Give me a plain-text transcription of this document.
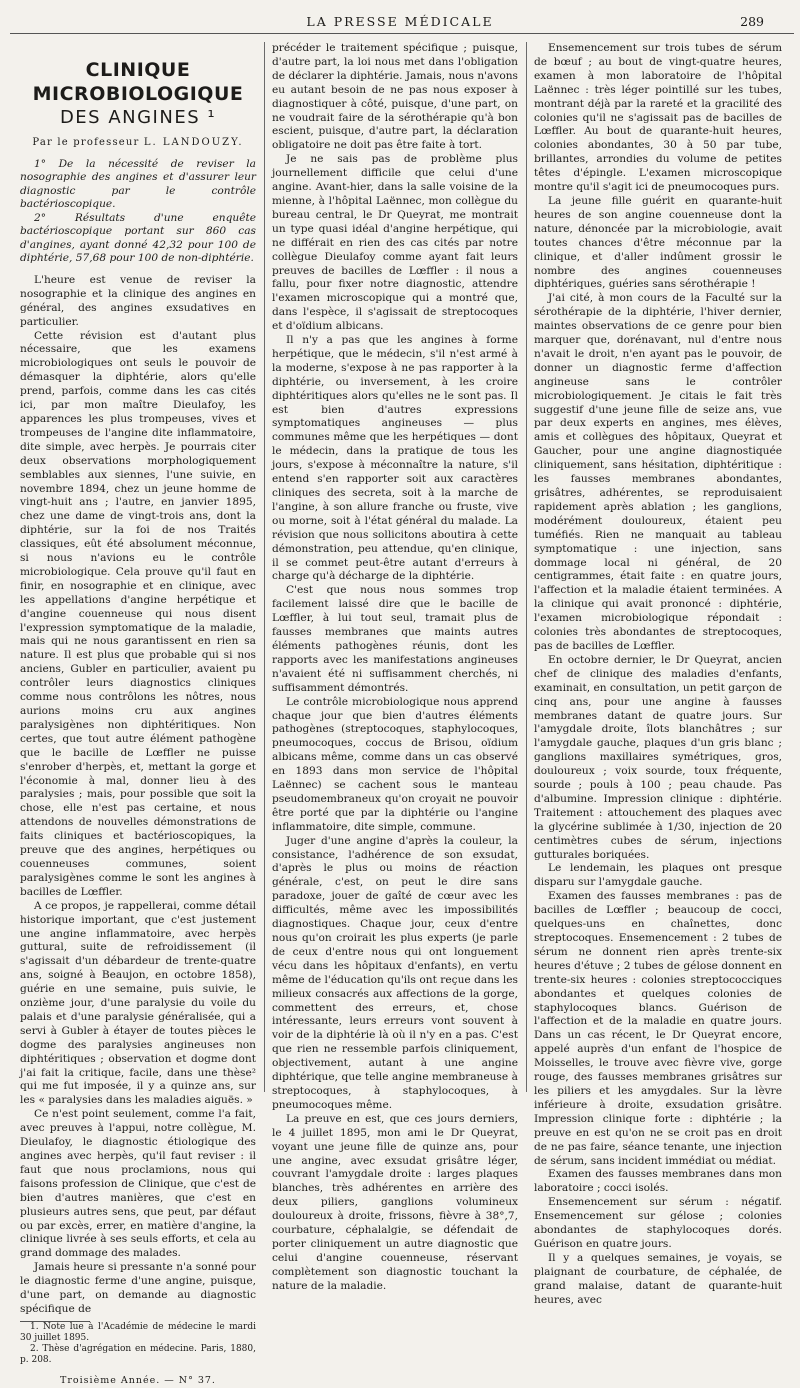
LA PRESSE MÉDICALE	289
CLINIQUE MICROBIOLOGIQUE
DES ANGINES ¹
Par le professeur L. LANDOUZY.

1° De la nécessité de reviser la nosographie des angines et d'assurer leur diagnostic par le contrôle bactérioscopique.

2° Résultats d'une enquête bactérioscopique portant sur 860 cas d'angines, ayant donné 42,32 pour 100 de diphtérie, 57,68 pour 100 de non-diphtérie.

L'heure est venue de reviser la nosographie et la clinique des angines en général, des angines exsudatives en particulier.

Cette révision est d'autant plus nécessaire, que les examens microbiologiques ont seuls le pouvoir de démasquer la diphtérie, alors qu'elle prend, parfois, comme dans les cas cités ici, par mon maître Dieulafoy, les apparences les plus trompeuses, vives et trompeuses de l'angine dite inflammatoire, dite simple, avec herpès. Je pourrais citer deux observations morphologiquement semblables aux siennes, l'une suivie, en novembre 1894, chez un jeune homme de vingt-huit ans ; l'autre, en janvier 1895, chez une dame de vingt-trois ans, dont la diphtérie, sur la foi de nos Traités classiques, eût été absolument méconnue, si nous n'avions eu le contrôle microbiologique. Cela prouve qu'il faut en finir, en nosographie et en clinique, avec les appellations d'angine herpétique et d'angine couenneuse qui nous disent l'expression symptomatique de la maladie, mais qui ne nous garantissent en rien sa nature. Il est plus que probable qui si nos anciens, Gubler en particulier, avaient pu contrôler leurs diagnostics cliniques comme nous contrôlons les nôtres, nous aurions moins cru aux angines paralysigènes non diphtéritiques. Non certes, que tout autre élément pathogène que le bacille de Lœffler ne puisse s'enrober d'herpès, et, mettant la gorge et l'économie à mal, donner lieu à des paralysies ; mais, pour possible que soit la chose, elle n'est pas certaine, et nous attendons de nouvelles démonstrations de faits cliniques et bactérioscopiques, la preuve que des angines, herpétiques ou couenneuses communes, soient paralysigènes comme le sont les angines à bacilles de Lœffler.

A ce propos, je rappellerai, comme détail historique important, que c'est justement une angine inflammatoire, avec herpès guttural, suite de refroidissement (il s'agissait d'un débardeur de trente-quatre ans, soigné à Beaujon, en octobre 1858), guérie en une semaine, puis suivie, le onzième jour, d'une paralysie du voile du palais et d'une paralysie généralisée, qui a servi à Gubler à étayer de toutes pièces le dogme des paralysies angineuses non diphtéritiques ; observation et dogme dont j'ai fait la critique, facile, dans une thèse² qui me fut imposée, il y a quinze ans, sur les « paralysies dans les maladies aiguës. »

Ce n'est point seulement, comme l'a fait, avec preuves à l'appui, notre collègue, M. Dieulafoy, le diagnostic étiologique des angines avec herpès, qu'il faut reviser : il faut que nous proclamions, nous qui faisons profession de Clinique, que c'est de bien d'autres manières, que c'est en plusieurs autres sens, que peut, par défaut ou par excès, errer, en matière d'angine, la clinique livrée à ses seuls efforts, et cela au grand dommage des malades.

Jamais heure si pressante n'a sonné pour le diagnostic ferme d'une angine, puisque, d'une part, on demande au diagnostic spécifique de

1. Note lue à l'Académie de médecine le mardi 30 juillet 1895.

2. Thèse d'agrégation en médecine. Paris, 1880, p. 208.

Troisième Année. — N° 37.

précéder le traitement spécifique ; puisque, d'autre part, la loi nous met dans l'obligation de déclarer la diphtérie. Jamais, nous n'avons eu autant besoin de ne pas nous exposer à diagnostiquer à côté, puisque, d'une part, on ne voudrait faire de la sérothérapie qu'à bon escient, puisque, d'autre part, la déclaration obligatoire ne doit pas être faite à tort.

Je ne sais pas de problème plus journellement difficile que celui d'une angine. Avant-hier, dans la salle voisine de la mienne, à l'hôpital Laënnec, mon collègue du bureau central, le Dr Queyrat, me montrait un type quasi idéal d'angine herpétique, qui ne différait en rien des cas cités par notre collègue Dieulafoy comme ayant fait leurs preuves de bacilles de Lœffler : il nous a fallu, pour fixer notre diagnostic, attendre l'examen microscopique qui a montré que, dans l'espèce, il s'agissait de streptocoques et d'oïdium albicans.

Il n'y a pas que les angines à forme herpétique, que le médecin, s'il n'est armé à la moderne, s'expose à ne pas rapporter à la diphtérie, ou inversement, à les croire diphtéritiques alors qu'elles ne le sont pas. Il est bien d'autres expressions symptomatiques angineuses — plus communes même que les herpétiques — dont le médecin, dans la pratique de tous les jours, s'expose à méconnaître la nature, s'il entend s'en rapporter soit aux caractères cliniques des secreta, soit à la marche de l'angine, à son allure franche ou fruste, vive ou morne, soit à l'état général du malade. La révision que nous sollicitons aboutira à cette démonstration, peu attendue, qu'en clinique, il se commet peut-être autant d'erreurs à charge qu'à décharge de la diphtérie.

C'est que nous nous sommes trop facilement laissé dire que le bacille de Lœffler, à lui tout seul, tramait plus de fausses membranes que maints autres éléments pathogènes réunis, dont les rapports avec les manifestations angineuses n'avaient été ni suffisamment cherchés, ni suffisamment démontrés.

Le contrôle microbiologique nous apprend chaque jour que bien d'autres éléments pathogènes (streptocoques, staphylocoques, pneumocoques, coccus de Brisou, oïdium albicans même, comme dans un cas observé en 1893 dans mon service de l'hôpital Laënnec) se cachent sous le manteau pseudomembraneux qu'on croyait ne pouvoir être porté que par la diphtérie ou l'angine inflammatoire, dite simple, commune.

Juger d'une angine d'après la couleur, la consistance, l'adhérence de son exsudat, d'après le plus ou moins de réaction générale, c'est, on peut le dire sans paradoxe, jouer de gaîté de cœur avec les difficultés, même avec les impossibilités diagnostiques. Chaque jour, ceux d'entre nous qu'on croirait les plus experts (je parle de ceux d'entre nous qui ont longuement vécu dans les hôpitaux d'enfants), en vertu même de l'éducation qu'ils ont reçue dans les milieux consacrés aux affections de la gorge, commettent des erreurs, et, chose intéressante, leurs erreurs vont souvent à voir de la diphtérie là où il n'y en a pas. C'est que rien ne ressemble parfois cliniquement, objectivement, autant à une angine diphtérique, que telle angine membraneuse à streptocoques, à staphylocoques, à pneumocoques même.

La preuve en est, que ces jours derniers, le 4 juillet 1895, mon ami le Dr Queyrat, voyant une jeune fille de quinze ans, pour une angine, avec exsudat grisâtre léger, couvrant l'amygdale droite : larges plaques blanches, très adhérentes en arrière des deux piliers, ganglions volumineux douloureux à droite, frissons, fièvre à 38°,7, courbature, céphalalgie, se défendait de porter cliniquement un autre diagnostic que celui d'angine couenneuse, réservant complètement son diagnostic touchant la nature de la maladie.

Ensemencement sur trois tubes de sérum de bœuf ; au bout de vingt-quatre heures, examen à mon laboratoire de l'hôpital Laënnec : très léger pointillé sur les tubes, montrant déjà par la rareté et la gracilité des colonies qu'il ne s'agissait pas de bacilles de Lœffler. Au bout de quarante-huit heures, colonies abondantes, 30 à 50 par tube, brillantes, arrondies du volume de petites têtes d'épingle. L'examen microscopique montre qu'il s'agit ici de pneumocoques purs.

La jeune fille guérit en quarante-huit heures de son angine couenneuse dont la nature, dénoncée par la microbiologie, avait toutes chances d'être méconnue par la clinique, et d'aller indûment grossir le nombre des angines couenneuses diphtériques, guéries sans sérothérapie !

J'ai cité, à mon cours de la Faculté sur la sérothérapie de la diphtérie, l'hiver dernier, maintes observations de ce genre pour bien marquer que, dorénavant, nul d'entre nous n'avait le droit, n'en ayant pas le pouvoir, de donner un diagnostic ferme d'affection angineuse sans le contrôler microbiologiquement. Je citais le fait très suggestif d'une jeune fille de seize ans, vue par deux experts en angines, mes élèves, amis et collègues des hôpitaux, Queyrat et Gaucher, pour une angine diagnostiquée cliniquement, sans hésitation, diphtéritique : les fausses membranes abondantes, grisâtres, adhérentes, se reproduisaient rapidement après ablation ; les ganglions, modérément douloureux, étaient peu tuméfiés. Rien ne manquait au tableau symptomatique : une injection, sans dommage local ni général, de 20 centigrammes, était faite : en quatre jours, l'affection et la maladie étaient terminées. A la clinique qui avait prononcé : diphtérie, l'examen microbiologique répondait : colonies très abondantes de streptocoques, pas de bacilles de Lœffler.

En octobre dernier, le Dr Queyrat, ancien chef de clinique des maladies d'enfants, examinait, en consultation, un petit garçon de cinq ans, pour une angine à fausses membranes datant de quatre jours. Sur l'amygdale droite, îlots blanchâtres ; sur l'amygdale gauche, plaques d'un gris blanc ; ganglions maxillaires symétriques, gros, douloureux ; voix sourde, toux fréquente, sourde ; pouls à 100 ; peau chaude. Pas d'albumine. Impression clinique : diphtérie. Traitement : attouchement des plaques avec la glycérine sublimée à 1/30, injection de 20 centimètres cubes de sérum, injections gutturales boriquées.

Le lendemain, les plaques ont presque disparu sur l'amygdale gauche.

Examen des fausses membranes : pas de bacilles de Lœffler ; beaucoup de cocci, quelques-uns en chaînettes, donc streptocoques. Ensemencement : 2 tubes de sérum ne donnent rien après trente-six heures d'étuve ; 2 tubes de gélose donnent en trente-six heures : colonies streptococciques abondantes et quelques colonies de staphylocoques blancs. Guérison de l'affection et de la maladie en quatre jours. Dans un cas récent, le Dr Queyrat encore, appelé auprès d'un enfant de l'hospice de Moisselles, le trouve avec fièvre vive, gorge rouge, des fausses membranes grisâtres sur les piliers et les amygdales. Sur la lèvre inférieure à droite, exsudation grisâtre. Impression clinique forte : diphtérie ; la preuve en est qu'on ne se croit pas en droit de ne pas faire, séance tenante, une injection de sérum, sans incident immédiat ou médiat.

Examen des fausses membranes dans mon laboratoire ; cocci isolés.

Ensemencement sur sérum : négatif. Ensemencement sur gélose ; colonies abondantes de staphylocoques dorés. Guérison en quatre jours.

Il y a quelques semaines, je voyais, se plaignant de courbature, de céphalée, de grand malaise, datant de quarante-huit heures, avec
